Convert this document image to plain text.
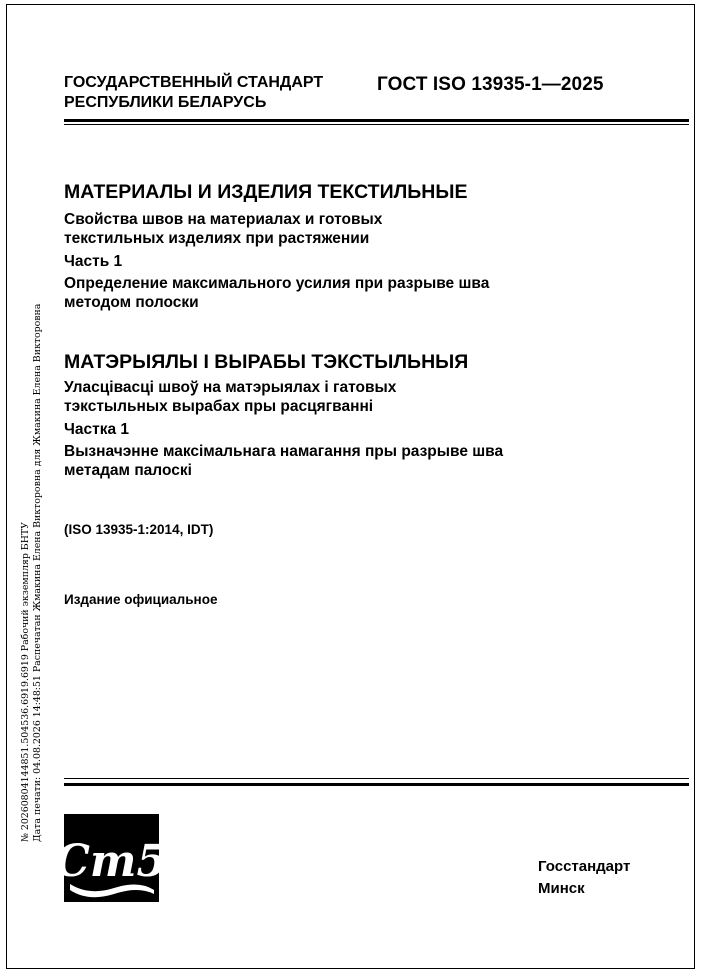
ГОСУДАРСТВЕННЫЙ СТАНДАРТ
РЕСПУБЛИКИ БЕЛАРУСЬ
ГОСТ ISO 13935-1—2025
МАТЕРИАЛЫ И ИЗДЕЛИЯ ТЕКСТИЛЬНЫЕ
Свойства швов на материалах и готовых
текстильных изделиях при растяжении
Часть 1
Определение максимального усилия при разрыве шва
методом полоски
МАТЭРЫЯЛЫ І ВЫРАБЫ ТЭКСТЫЛЬНЫЯ
Уласцівасці швоў на матэрыялах і гатовых
тэкстыльных вырабах пры расцягванні
Частка 1
Вызначэнне максімальнага намагання пры разрыве шва
метадам палоскі
(ISO 13935-1:2014, IDT)
Издание официальное
№ 20260804144851.504536.6919.6919 Рабочий экземпляр БНТУ Дата печати: 04.08.2026 14:48:51 Распечатан Жмакина Елена Викторовна для Жмакина Елена Викторовна
Ст5	Госстандарт
Минск
